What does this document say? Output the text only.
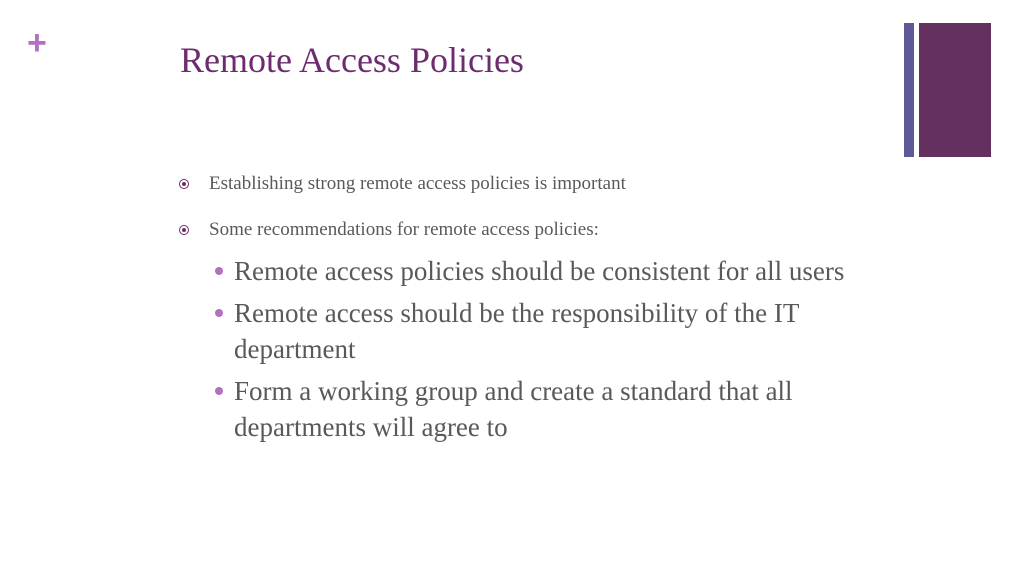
+	Remote Access Policies
Establishing strong remote access policies is important
Some recommendations for remote access policies:
Remote access policies should be consistent for all users
Remote access should be the responsibility of the IT department
Form a working group and create a standard that all departments will agree to
